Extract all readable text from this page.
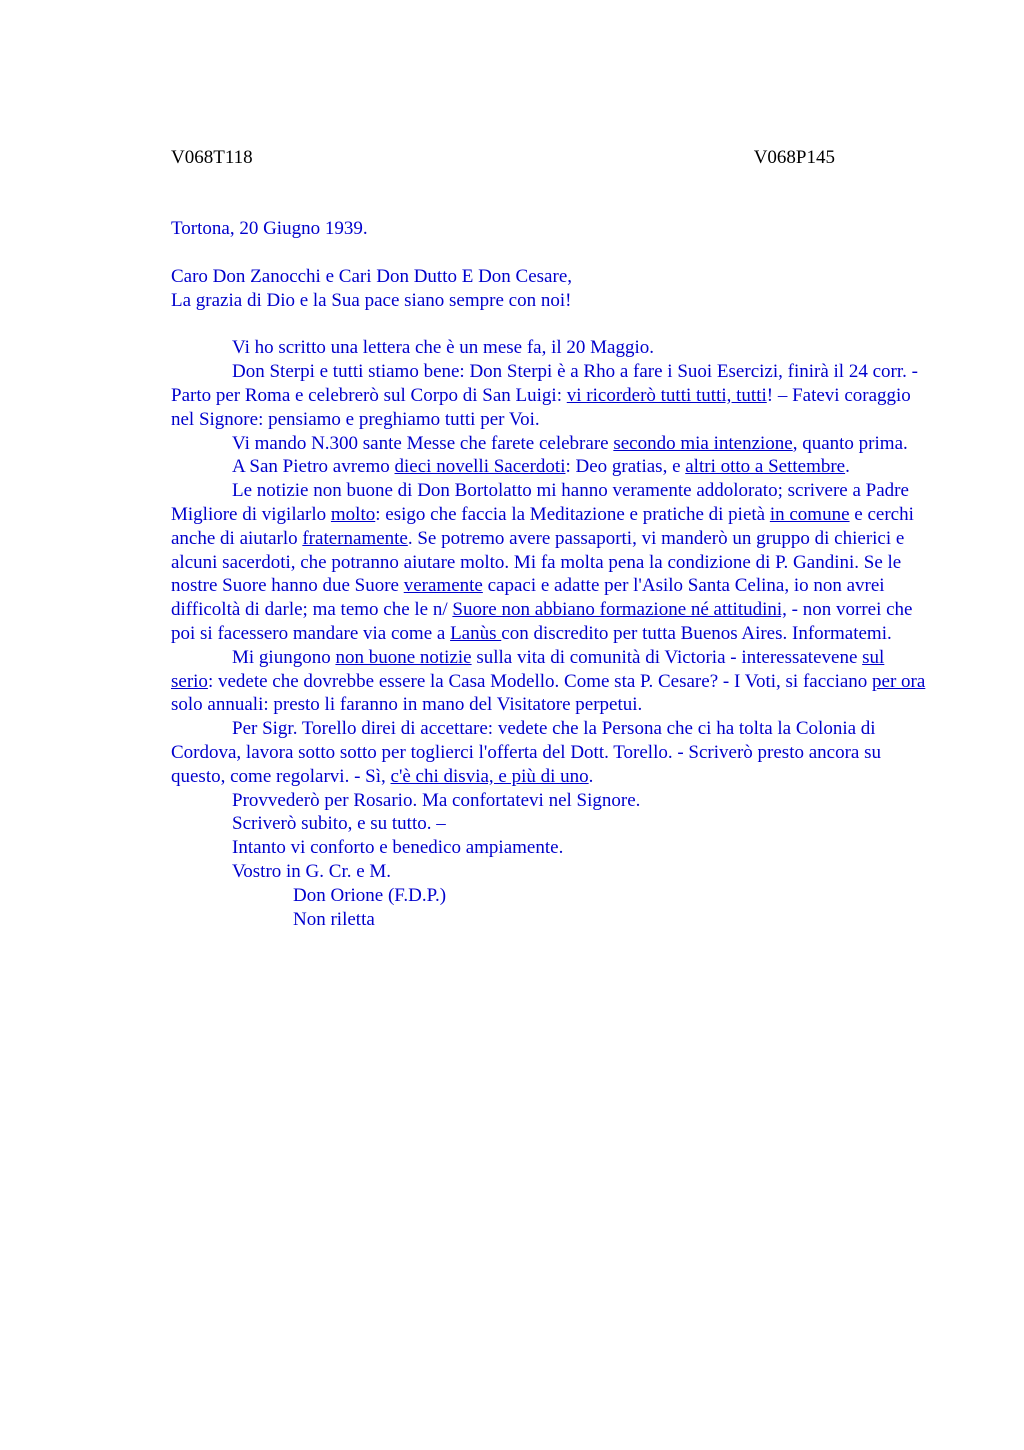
V068T118	V068P145

Tortona, 20 Giugno 1939.

Caro Don Zanocchi e Cari Don Dutto E Don Cesare,

La grazia di Dio e la Sua pace siano sempre con noi!

Vi ho scritto una lettera che è un mese fa, il 20 Maggio.

Don Sterpi e tutti stiamo bene: Don Sterpi è a Rho a fare i Suoi Esercizi, finirà il 24 corr. - Parto per Roma e celebrerò sul Corpo di San Luigi: vi ricorderò tutti tutti, tutti! – Fatevi coraggio nel Signore: pensiamo e preghiamo tutti per Voi.

Vi mando N.300 sante Messe che farete celebrare secondo mia intenzione, quanto prima.

A San Pietro avremo dieci novelli Sacerdoti: Deo gratias, e altri otto a Settembre.

Le notizie non buone di Don Bortolatto mi hanno veramente addolorato; scrivere a Padre Migliore di vigilarlo molto: esigo che faccia la Meditazione e pratiche di pietà in comune e cerchi anche di aiutarlo fraternamente. Se potremo avere passaporti, vi manderò un gruppo di chierici e alcuni sacerdoti, che potranno aiutare molto. Mi fa molta pena la condizione di P. Gandini. Se le nostre Suore hanno due Suore veramente capaci e adatte per l'Asilo Santa Celina, io non avrei difficoltà di darle; ma temo che le n/ Suore non abbiano formazione né attitudini, - non vorrei che poi si facessero mandare via come a Lanùs con discredito per tutta Buenos Aires. Informatemi.

Mi giungono non buone notizie sulla vita di comunità di Victoria - interessatevene sul serio: vedete che dovrebbe essere la Casa Modello. Come sta P. Cesare? - I Voti, si facciano per ora solo annuali: presto li faranno in mano del Visitatore perpetui.

Per Sigr. Torello direi di accettare: vedete che la Persona che ci ha tolta la Colonia di Cordova, lavora sotto sotto per toglierci l'offerta del Dott. Torello. - Scriverò presto ancora su questo, come regolarvi. - Sì, c'è chi disvia, e più di uno.

Provvederò per Rosario. Ma confortatevi nel Signore.

Scriverò subito, e su tutto. –

Intanto vi conforto e benedico ampiamente.

Vostro in G. Cr. e M.

Don Orione (F.D.P.)

Non riletta
